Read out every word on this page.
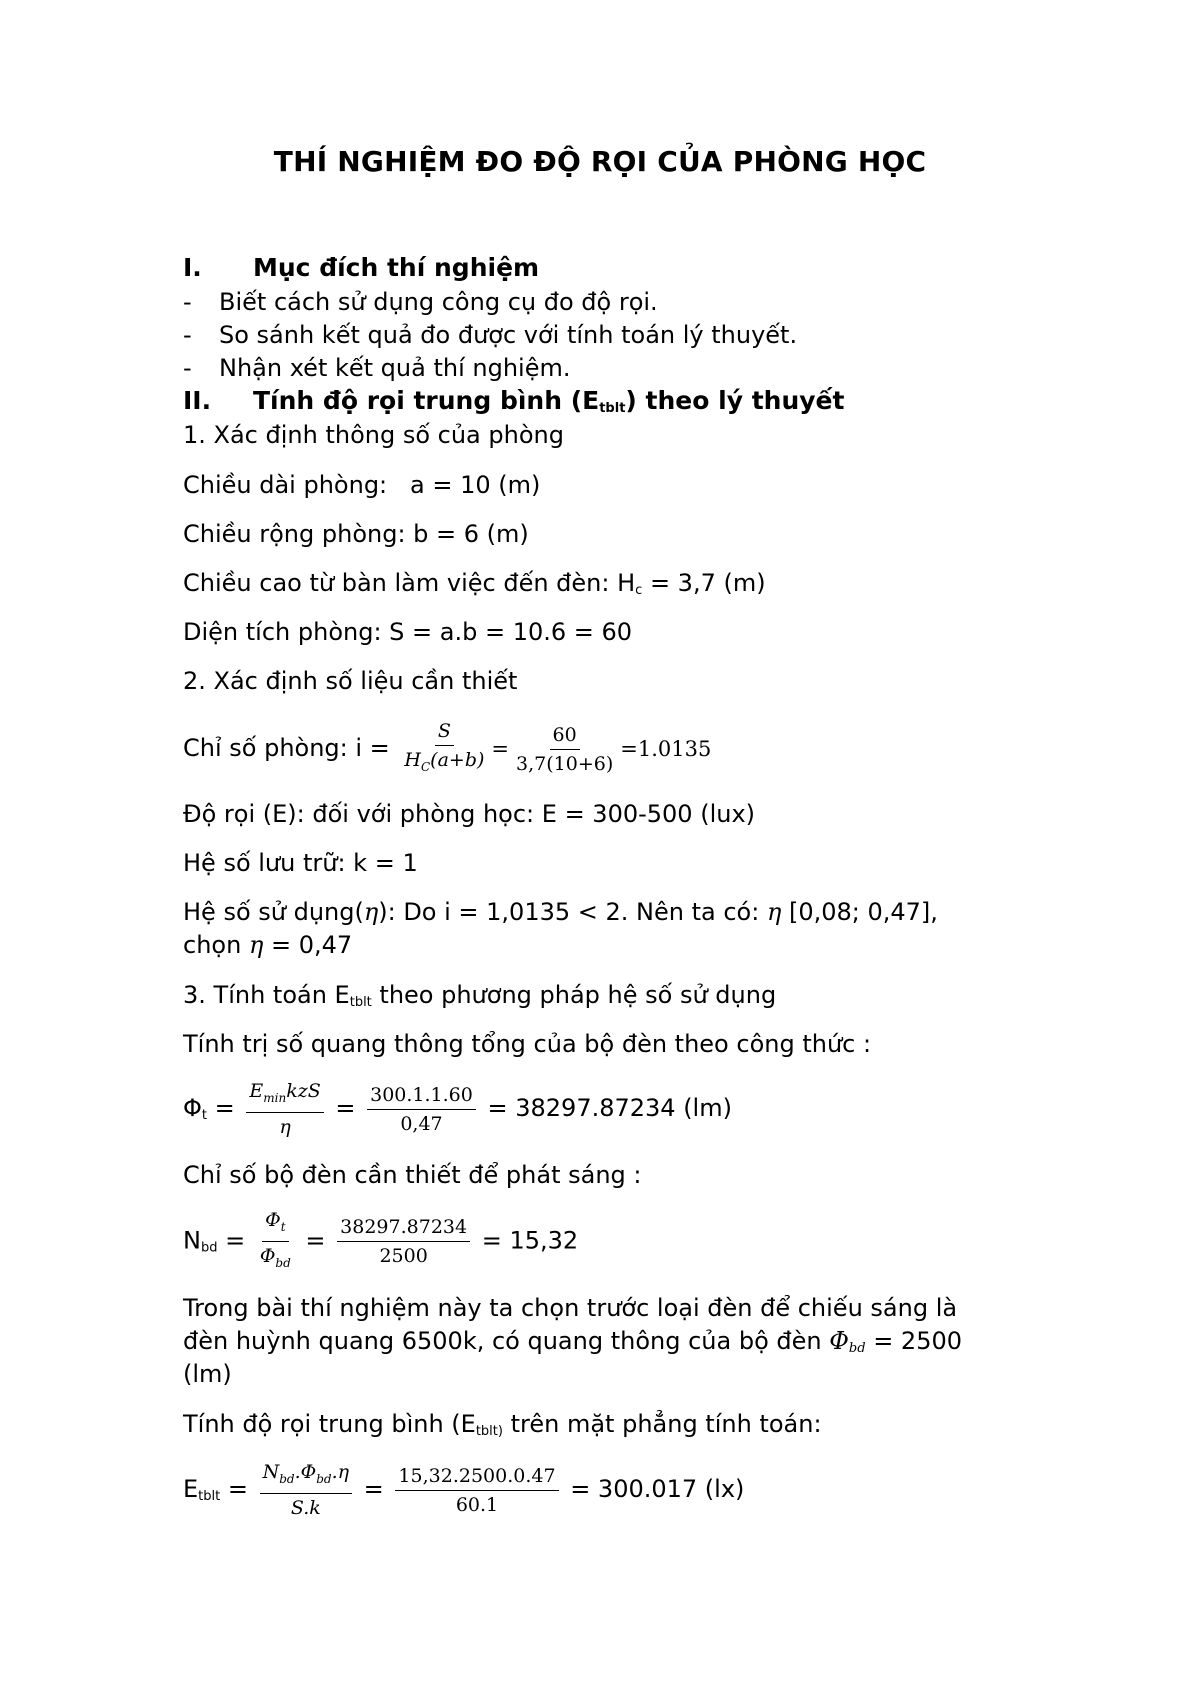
THÍ NGHIỆM ĐO ĐỘ RỌI CỦA PHÒNG HỌC
I. Mục đích thí nghiệm
- Biết cách sử dụng công cụ đo độ rọi.
- So sánh kết quả đo được với tính toán lý thuyết.
- Nhận xét kết quả thí nghiệm.
II. Tính độ rọi trung bình $(E_{tblt})$ theo lý thuyết
1. Xác định thông số của phòng
Chiều dài phòng:   a = 10 (m)
Chiều rộng phòng: b = 6 (m)
Chiều cao từ bàn làm việc đến đèn: $H_c = 3,7$ (m)
Diện tích phòng: S = a.b = 10.6 = 60
2. Xác định số liệu cần thiết
Chỉ số phòng: $i = \frac{S}{H_C(a+b)} = \frac{60}{3,7(10+6)} =1.0135$
Độ rọi (E): đối với phòng học: E = 300-500 (lux)
Hệ số lưu trữ: k = 1
Hệ số sử dụng(η): Do i = 1,0135 < 2. Nên ta có: η [0,08; 0,47],
chọn η = 0,47
3. Tính toán $E_{tblt}$ theo phương pháp hệ số sử dụng
Tính trị số quang thông tổng của bộ đèn theo công thức :
$\Phi_t = \frac{E_{min}kzS}{\eta} = \frac{300.1.1.60}{0,47} = 38297.87234$ (lm)
Chỉ số bộ đèn cần thiết để phát sáng :
$N_{bd} = \frac{\Phi_t}{\Phi_{bd}} = \frac{38297.87234}{2500} = 15,32$
Trong bài thí nghiệm này ta chọn trước loại đèn để chiếu sáng là
đèn huỳnh quang 6500k, có quang thông của bộ đèn $\Phi_{bd} = 2500$
(lm)
Tính độ rọi trung bình ($E_{tblt)}$ trên mặt phẳng tính toán:
$E_{tblt} = \frac{N_{bd}.\Phi_{bd}.\eta}{S.k} = \frac{15,32.2500.0.47}{60.1} = 300.017$ (lx)
